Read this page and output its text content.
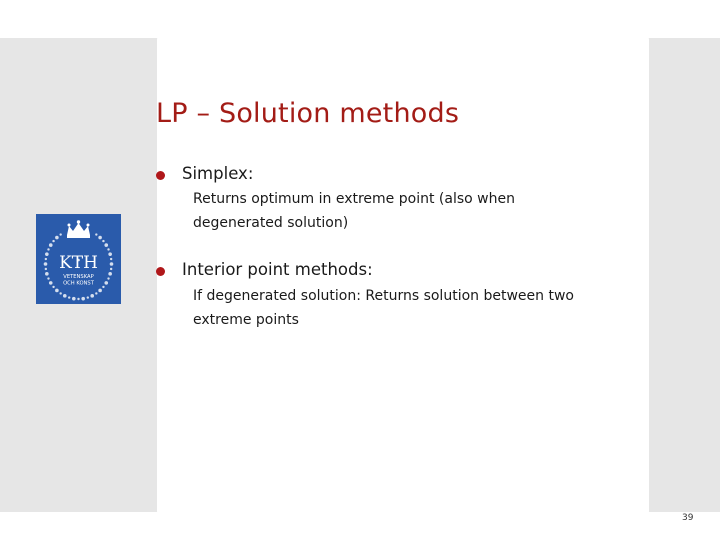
KTH
VETENSKAP
OCH KONST
LP – Solution methods

Simplex:

Returns optimum in extreme point (also when
degenerated solution)

Interior point methods:

If degenerated solution: Returns solution between two
extreme points
39
